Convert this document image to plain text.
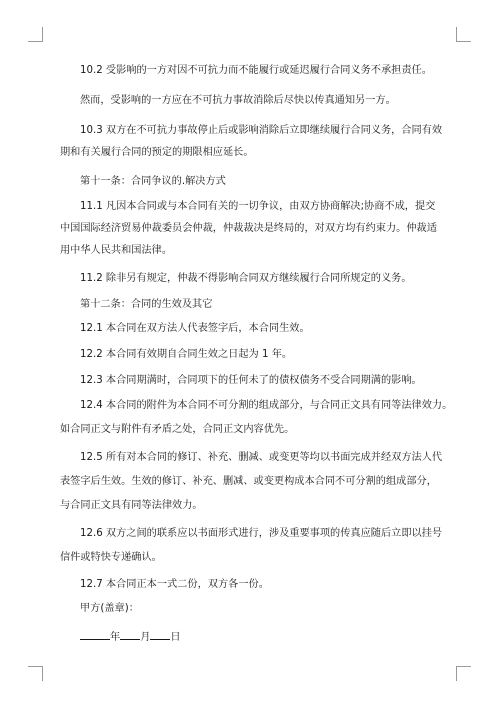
10.2 受影响的一方对因不可抗力而不能履行或延迟履行合同义务不承担责任。
然而，受影响的一方应在不可抗力事故消除后尽快以传真通知另一方。
10.3 双方在不可抗力事故停止后或影响消除后立即继续履行合同义务，合同有效
期和有关履行合同的预定的期限相应延长。
第十一条：合同争议的.解决方式
11.1 凡因本合同或与本合同有关的一切争议，由双方协商解决;协商不成，提交
中国国际经济贸易仲裁委员会仲裁，仲裁裁决是终局的，对双方均有约束力。仲裁适
用中华人民共和国法律。
11.2 除非另有规定，仲裁不得影响合同双方继续履行合同所规定的义务。
第十二条：合同的生效及其它
12.1 本合同在双方法人代表签字后，本合同生效。
12.2 本合同有效期自合同生效之日起为 1 年。
12.3 本合同期满时，合同项下的任何未了的债权债务不受合同期满的影响。
12.4 本合同的附件为本合同不可分割的组成部分，与合同正文具有同等法律效力。
如合同正文与附件有矛盾之处，合同正文内容优先。
12.5 所有对本合同的修订、补充、删减、或变更等均以书面完成并经双方法人代
表签字后生效。生效的修订、补充、删减、或变更构成本合同不可分割的组成部分，
与合同正文具有同等法律效力。
12.6 双方之间的联系应以书面形式进行，涉及重要事项的传真应随后立即以挂号
信件或特快专递确认。
12.7 本合同正本一式二份，双方各一份。
甲方(盖章)：
年 月 日
